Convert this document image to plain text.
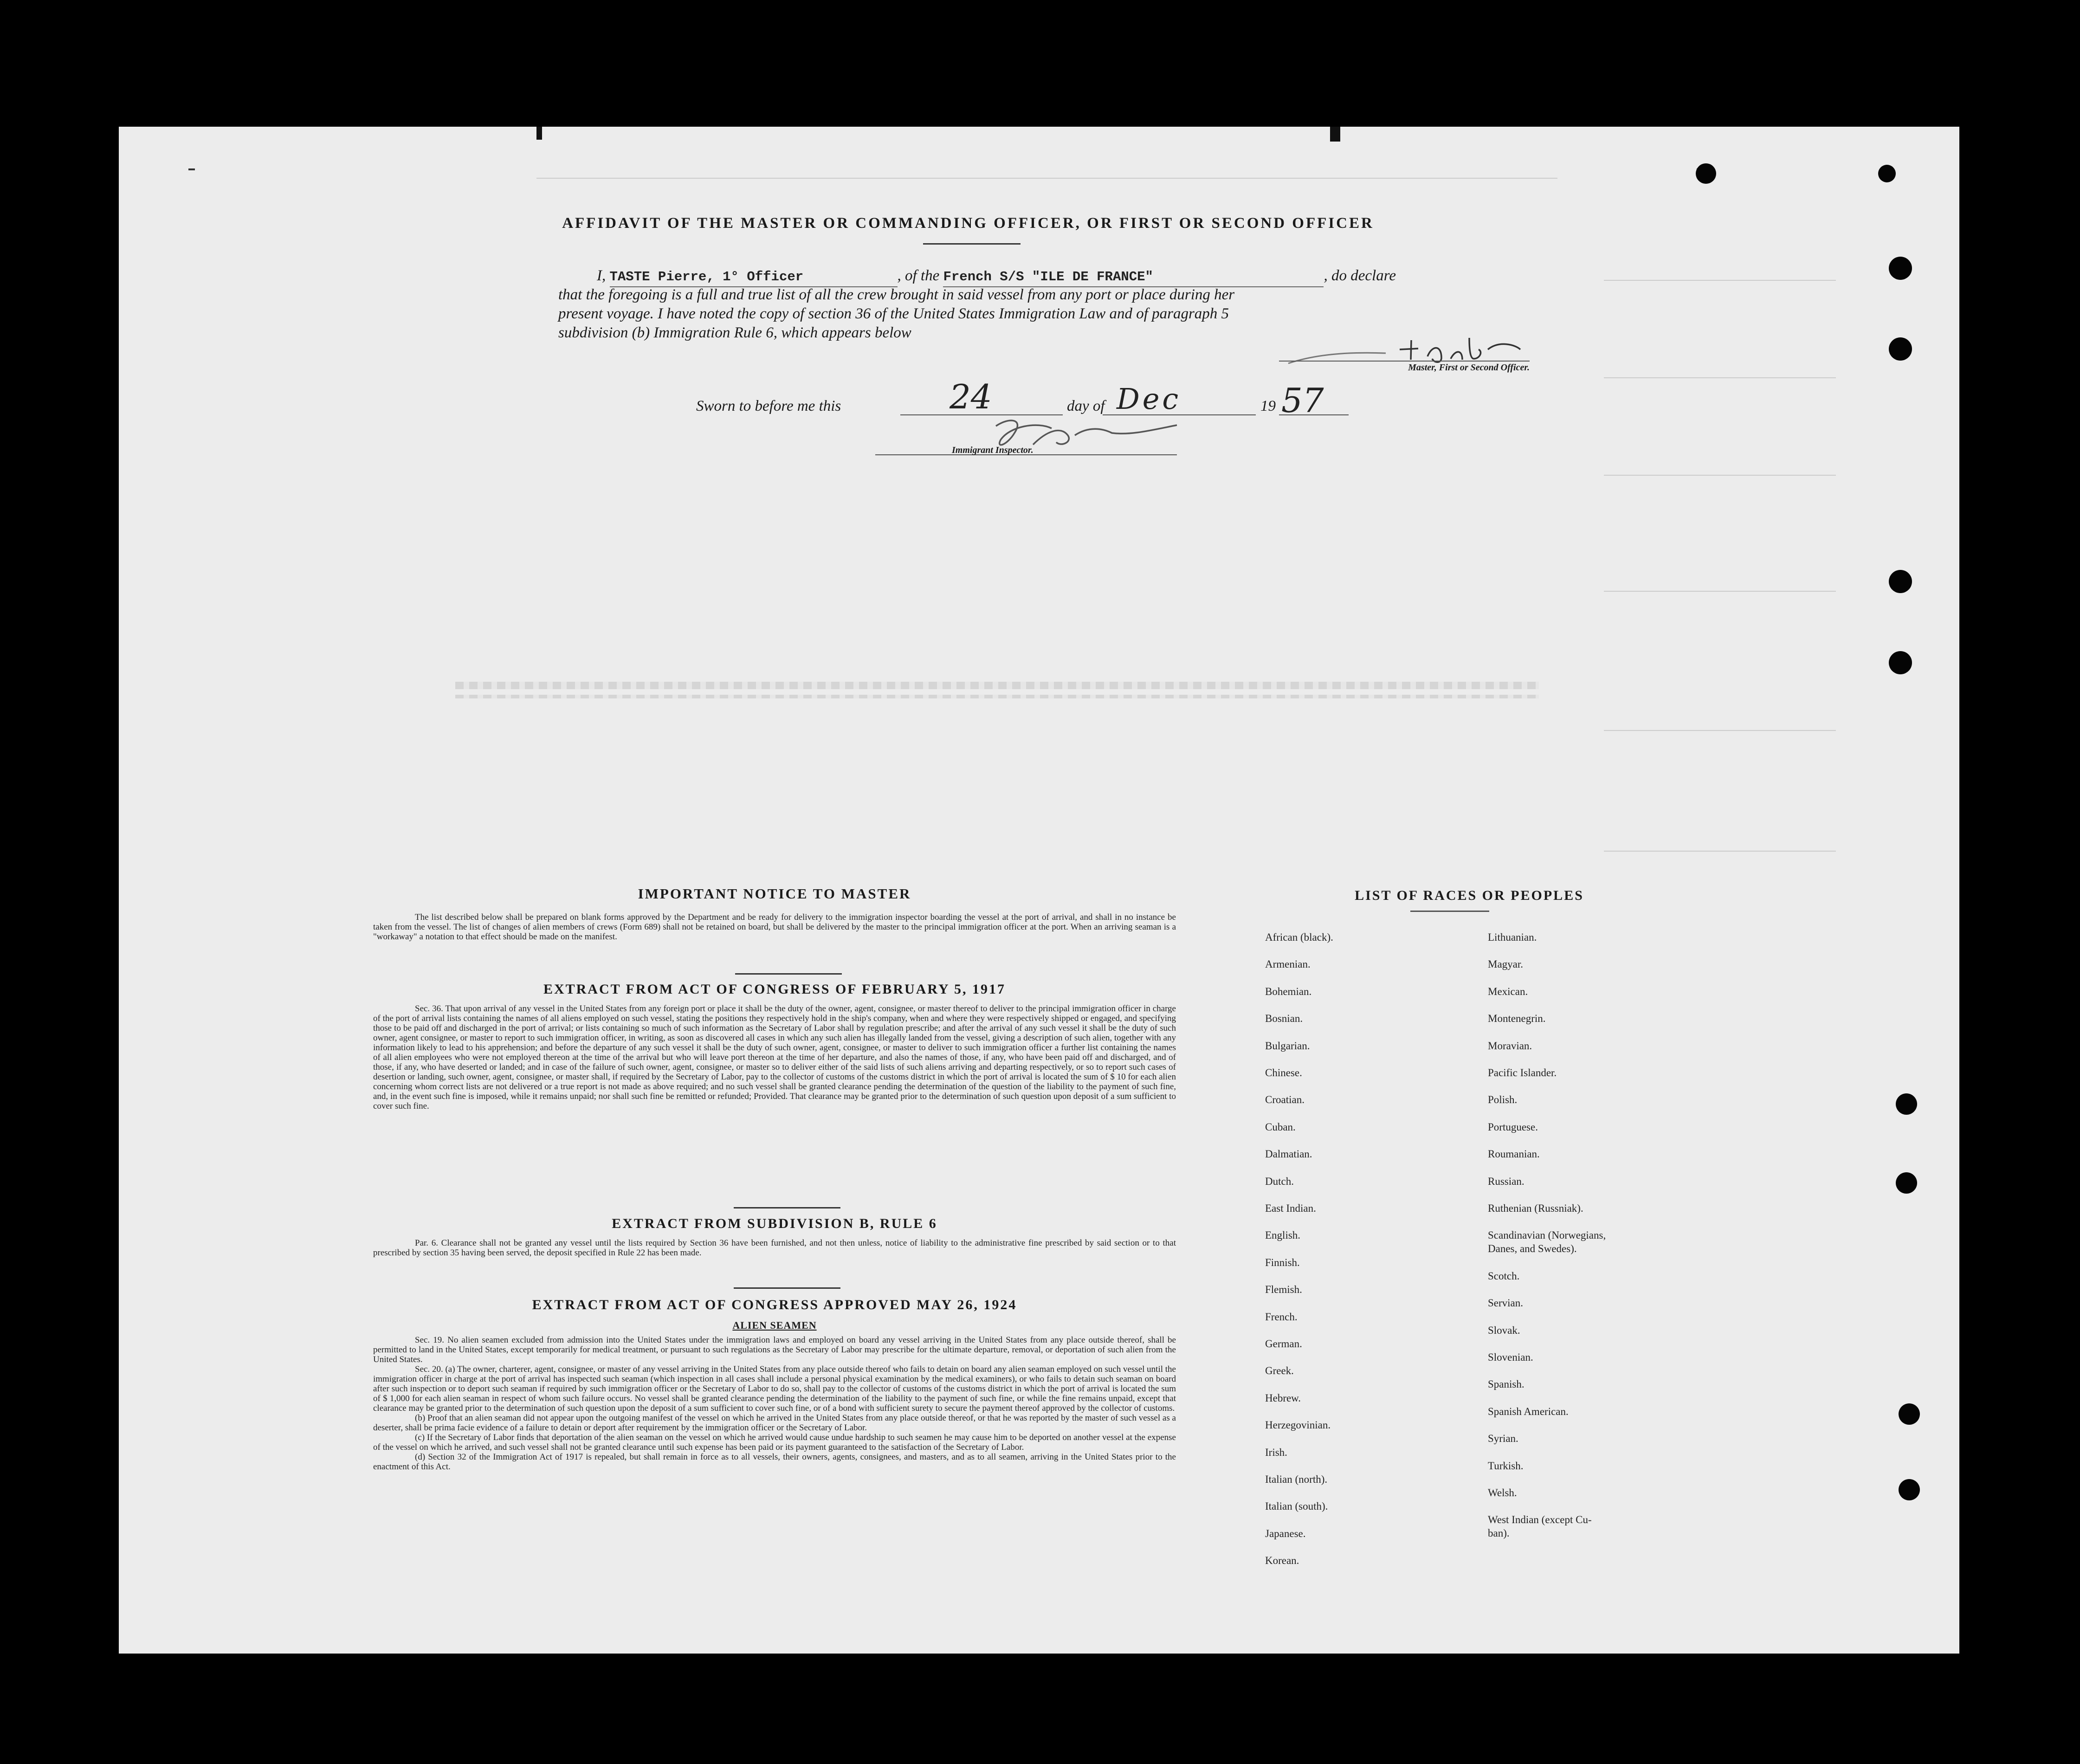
AFFIDAVIT OF THE MASTER OR COMMANDING OFFICER, OR FIRST OR SECOND OFFICER
I, TASTE Pierre, 1° Officer	, of the French S/S "ILE DE FRANCE"	, do declare
that the foregoing is a full and true list of all the crew brought in said vessel from any port or place during her
present voyage. I have noted the copy of section 36 of the United States Immigration Law and of paragraph 5
subdivision (b) Immigration Rule 6, which appears below
Master, First or Second Officer.
Sworn to before me this	24	day of Dec	19 57
Immigrant Inspector.
IMPORTANT NOTICE TO MASTER

The list described below shall be prepared on blank forms approved by the Department and be ready for delivery to the immigration inspector boarding the vessel at the port of arrival, and shall in no instance be taken from the vessel. The list of changes of alien members of crews (Form 689) shall not be retained on board, but shall be delivered by the master to the principal immigration officer at the port. When an arriving seaman is a "workaway" a notation to that effect should be made on the manifest.

EXTRACT FROM ACT OF CONGRESS OF FEBRUARY 5, 1917

Sec. 36. That upon arrival of any vessel in the United States from any foreign port or place it shall be the duty of the owner, agent, consignee, or master thereof to deliver to the principal immigration officer in charge of the port of arrival lists containing the names of all aliens employed on such vessel, stating the positions they respectively hold in the ship's company, when and where they were respectively shipped or engaged, and specifying those to be paid off and discharged in the port of arrival; or lists containing so much of such information as the Secretary of Labor shall by regulation prescribe; and after the arrival of any such vessel it shall be the duty of such owner, agent consignee, or master to report to such immigration officer, in writing, as soon as discovered all cases in which any such alien has illegally landed from the vessel, giving a description of such alien, together with any information likely to lead to his apprehension; and before the departure of any such vessel it shall be the duty of such owner, agent, consignee, or master to deliver to such immigration officer a further list containing the names of all alien employees who were not employed thereon at the time of the arrival but who will leave port thereon at the time of her departure, and also the names of those, if any, who have been paid off and discharged, and of those, if any, who have deserted or landed; and in case of the failure of such owner, agent, consignee, or master so to deliver either of the said lists of such aliens arriving and departing respectively, or so to report such cases of desertion or landing, such owner, agent, consignee, or master shall, if required by the Secretary of Labor, pay to the collector of customs of the customs district in which the port of arrival is located the sum of $ 10 for each alien concerning whom correct lists are not delivered or a true report is not made as above required; and no such vessel shall be granted clearance pending the determination of the question of the liability to the payment of such fine, and, in the event such fine is imposed, while it remains unpaid; nor shall such fine be remitted or refunded; Provided. That clearance may be granted prior to the determination of such question upon deposit of a sum sufficient to cover such fine.

EXTRACT FROM SUBDIVISION B, RULE 6

Par. 6. Clearance shall not be granted any vessel until the lists required by Section 36 have been furnished, and not then unless, notice of liability to the administrative fine prescribed by said section or to that prescribed by section 35 having been served, the deposit specified in Rule 22 has been made.

EXTRACT FROM ACT OF CONGRESS APPROVED MAY 26, 1924
ALIEN SEAMEN

Sec. 19. No alien seamen excluded from admission into the United States under the immigration laws and employed on board any vessel arriving in the United States from any place outside thereof, shall be permitted to land in the United States, except temporarily for medical treatment, or pursuant to such regulations as the Secretary of Labor may prescribe for the ultimate departure, removal, or deportation of such alien from the United States.

Sec. 20. (a) The owner, charterer, agent, consignee, or master of any vessel arriving in the United States from any place outside thereof who fails to detain on board any alien seaman employed on such vessel until the immigration officer in charge at the port of arrival has inspected such seaman (which inspection in all cases shall include a personal physical examination by the medical examiners), or who fails to detain such seaman on board after such inspection or to deport such seaman if required by such immigration officer or the Secretary of Labor to do so, shall pay to the collector of customs of the customs district in which the port of arrival is located the sum of $ 1,000 for each alien seaman in respect of whom such failure occurs. No vessel shall be granted clearance pending the determination of the liability to the payment of such fine, or while the fine remains unpaid, except that clearance may be granted prior to the determination of such question upon the deposit of a sum sufficient to cover such fine, or of a bond with sufficient surety to secure the payment thereof approved by the collector of customs.

(b) Proof that an alien seaman did not appear upon the outgoing manifest of the vessel on which he arrived in the United States from any place outside thereof, or that he was reported by the master of such vessel as a deserter, shall be prima facie evidence of a failure to detain or deport after requirement by the immigration officer or the Secretary of Labor.

(c) If the Secretary of Labor finds that deportation of the alien seaman on the vessel on which he arrived would cause undue hardship to such seamen he may cause him to be deported on another vessel at the expense of the vessel on which he arrived, and such vessel shall not be granted clearance until such expense has been paid or its payment guaranteed to the satisfaction of the Secretary of Labor.

(d) Section 32 of the Immigration Act of 1917 is repealed, but shall remain in force as to all vessels, their owners, agents, consignees, and masters, and as to all seamen, arriving in the United States prior to the enactment of this Act.

LIST OF RACES OR PEOPLES
African (black).
Armenian.
Bohemian.
Bosnian.
Bulgarian.
Chinese.
Croatian.
Cuban.
Dalmatian.
Dutch.
East Indian.
English.
Finnish.
Flemish.
French.
German.
Greek.
Hebrew.
Herzegovinian.
Irish.
Italian (north).
Italian (south).
Japanese.
Korean.
Lithuanian.
Magyar.
Mexican.
Montenegrin.
Moravian.
Pacific Islander.
Polish.
Portuguese.
Roumanian.
Russian.
Ruthenian (Russniak).
Scandinavian (Norwegians,
Danes, and Swedes).
Scotch.
Servian.
Slovak.
Slovenian.
Spanish.
Spanish American.
Syrian.
Turkish.
Welsh.
West Indian (except Cu-
ban).
